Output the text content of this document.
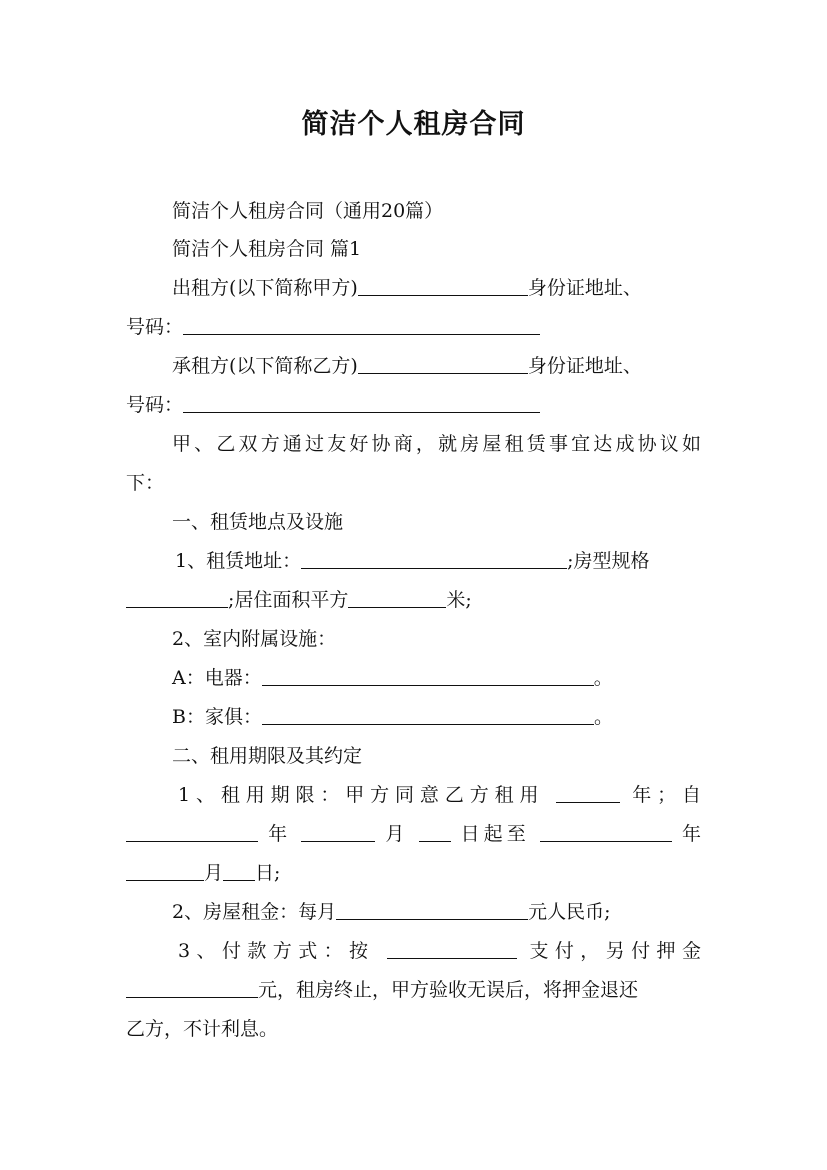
简洁个人租房合同
简洁个人租房合同（通用20篇）
简洁个人租房合同 篇1
出租方(以下简称甲方)	身份证地址、
号码：
承租方(以下简称乙方)	身份证地址、
号码：
甲、乙双方通过友好协商，就房屋租赁事宜达成协议如
下：
一、租赁地点及设施
1、租赁地址：	;房型规格
;居住面积平方	米;
2、室内附属设施：
A：电器：	。
B：家俱：	。
二、租用期限及其约定
1、租用期限：甲方同意乙方租用	年；自
年	月	日起至	年
月 日;
2、房屋租金：每月	元人民币;
3、付款方式：按	支付，另付押金
元，租房终止，甲方验收无误后，将押金退还
乙方，不计利息。
